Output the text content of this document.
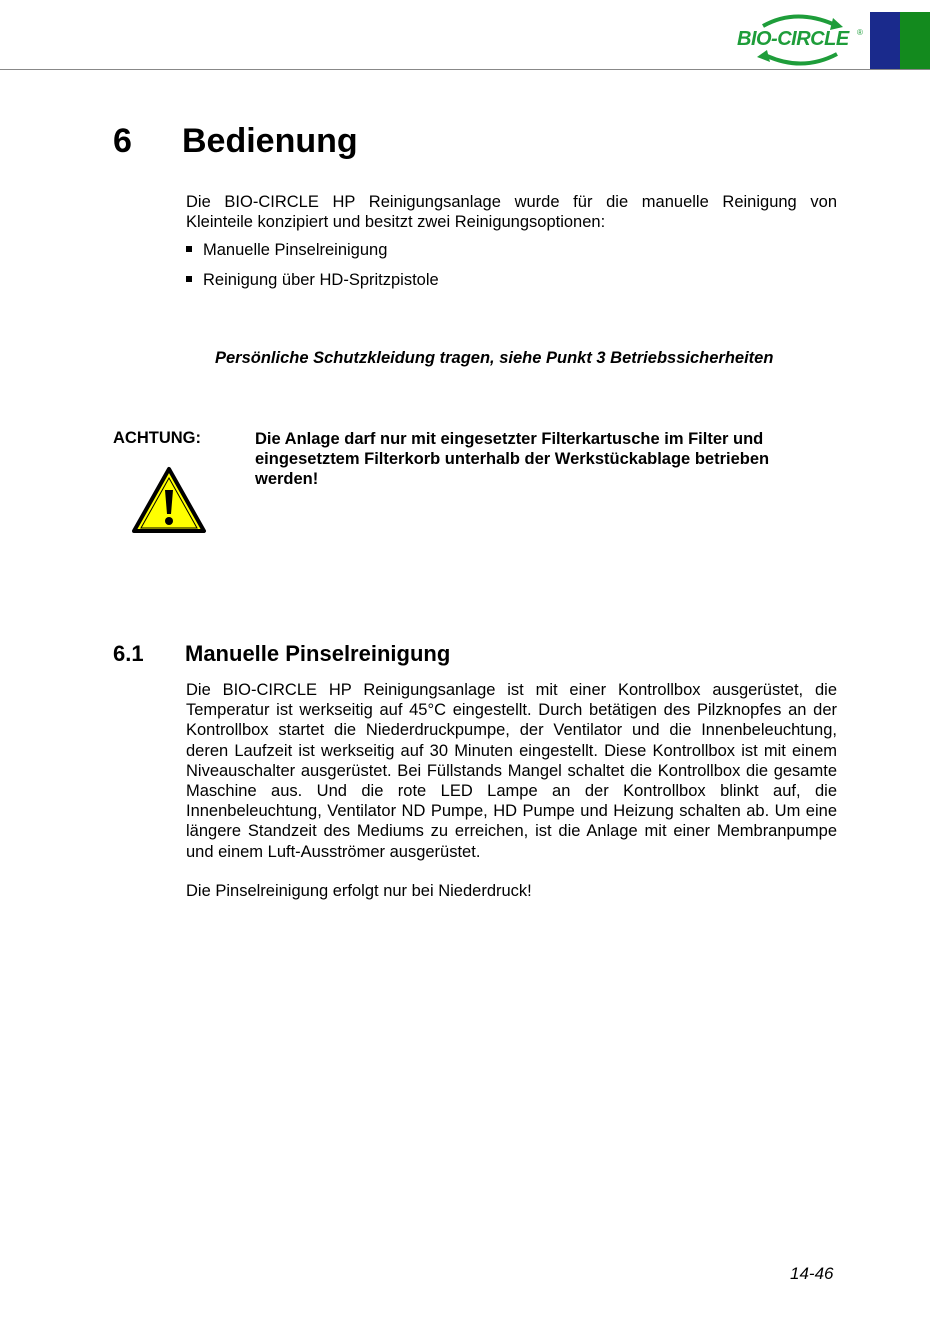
BIO-CIRCLE ®
6 Bedienung
Die BIO-CIRCLE HP Reinigungsanlage wurde für die manuelle Reinigung von
Kleinteile konzipiert und besitzt zwei Reinigungsoptionen:
Manuelle Pinselreinigung
Reinigung über HD-Spritzpistole
Persönliche Schutzkleidung tragen, siehe Punkt 3 Betriebssicherheiten
ACHTUNG:	Die Anlage darf nur mit eingesetzter Filterkartusche im Filter und eingesetztem Filterkorb unterhalb der Werkstückablage betrieben werden!
6.1 Manuelle Pinselreinigung
Die BIO-CIRCLE HP Reinigungsanlage ist mit einer Kontrollbox ausgerüstet, die Temperatur ist werkseitig auf 45°C eingestellt. Durch betätigen des Pilzknopfes an der Kontrollbox startet die Niederdruckpumpe, der Ventilator und die Innenbeleuchtung, deren Laufzeit ist werkseitig auf 30 Minuten eingestellt. Diese Kontrollbox ist mit einem Niveauschalter ausgerüstet. Bei Füllstands Mangel schaltet die Kontrollbox die gesamte Maschine aus. Und die rote LED Lampe an der Kontrollbox blinkt auf, die Innenbeleuchtung, Ventilator ND Pumpe, HD Pumpe und Heizung schalten ab. Um eine längere Standzeit des Mediums zu erreichen, ist die Anlage mit einer Membranpumpe und einem Luft-Ausströmer ausgerüstet.
Die Pinselreinigung erfolgt nur bei Niederdruck!
14-46
